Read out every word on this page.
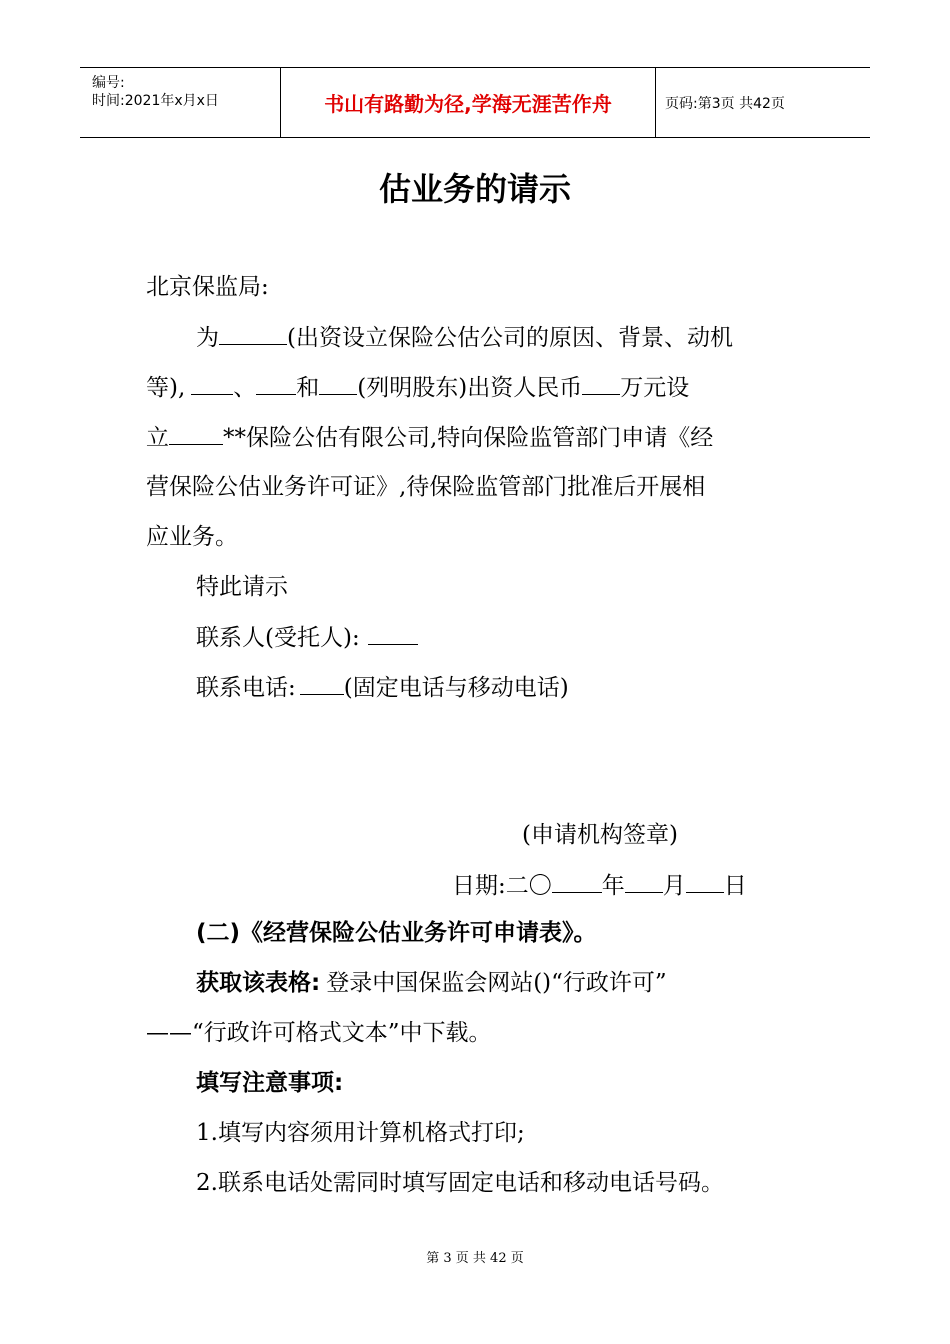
编号:
时间:2021年x月x日	书山有路勤为径,学海无涯苦作舟	页码:第3页 共42页
估业务的请示
北京保监局:
为	(出资设立保险公估公司的原因、背景、动机
等), 、 和 (列明股东)出资人民币 万元设
立 **保险公估有限公司,特向保险监管部门申请《经
营保险公估业务许可证》,待保险监管部门批准后开展相
应业务。
特此请示
联系人(受托人):
联系电话: (固定电话与移动电话)
(申请机构签章)
日期:二〇 年 月 日
(二)《经营保险公估业务许可申请表》。
获取该表格: 登录中国保监会网站()“行政许可”
——“行政许可格式文本”中下载。
填写注意事项:
1.填写内容须用计算机格式打印;
2.联系电话处需同时填写固定电话和移动电话号码。
第 3 页 共 42 页
